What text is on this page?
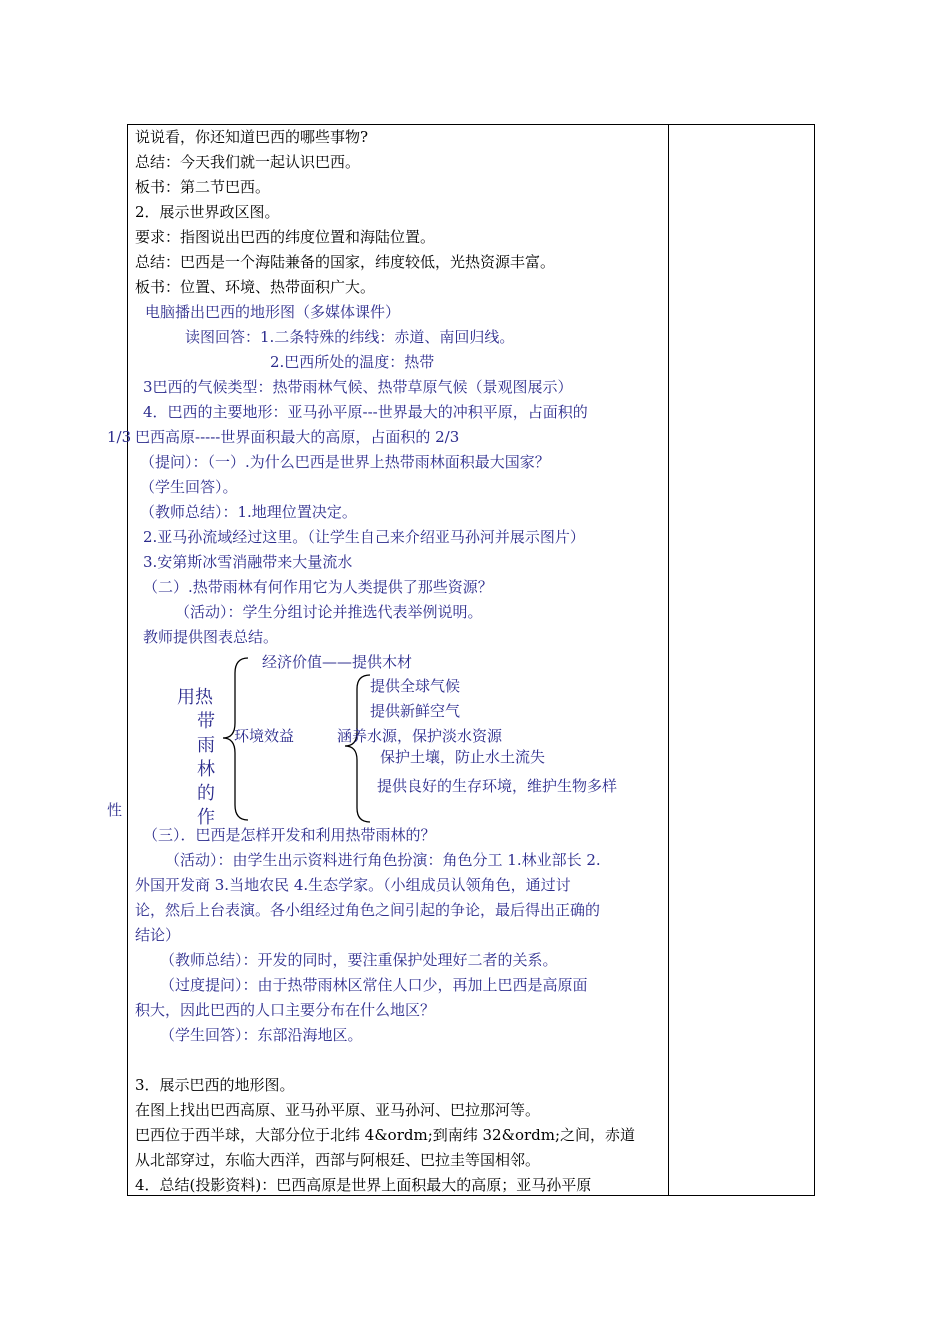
说说看，你还知道巴西的哪些事物?
总结：今天我们就一起认识巴西。
板书：第二节巴西。
2．展示世界政区图。
要求：指图说出巴西的纬度位置和海陆位置。
总结：巴西是一个海陆兼备的国家，纬度较低，光热资源丰富。
板书：位置、环境、热带面积广大。
电脑播出巴西的地形图（多媒体课件）
读图回答：1.二条特殊的纬线：赤道、南回归线。
2.巴西所处的温度：热带
3巴西的气候类型：热带雨林气候、热带草原气候（景观图展示）
4．巴西的主要地形：亚马孙平原---世界最大的冲积平原，占面积的
1/3 巴西高原-----世界面积最大的高原，占面积的 2/3
（提问）：（一）.为什么巴西是世界上热带雨林面积最大国家？
（学生回答）。
（教师总结）：1.地理位置决定。
2.亚马孙流域经过这里。（让学生自己来介绍亚马孙河并展示图片）
3.安第斯冰雪消融带来大量流水
（二）.热带雨林有何作用它为人类提供了那些资源？
（活动）：学生分组讨论并推选代表举例说明。
教师提供图表总结。
用热
带
雨
林
的
作
性
经济价值——提供木材
环境效益
提供全球气候
提供新鲜空气
涵养水源，保护淡水资源
保护土壤，防止水土流失
提供良好的生存环境，维护生物多样
（三）．巴西是怎样开发和利用热带雨林的？
（活动）：由学生出示资料进行角色扮演：角色分工 1.林业部长 2.
外国开发商 3.当地农民 4.生态学家。（小组成员认领角色，通过讨
论，然后上台表演。各小组经过角色之间引起的争论，最后得出正确的
结论）
（教师总结）：开发的同时，要注重保护处理好二者的关系。
（过度提问）：由于热带雨林区常住人口少，再加上巴西是高原面
积大，因此巴西的人口主要分布在什么地区？
（学生回答）：东部沿海地区。
3．展示巴西的地形图。
在图上找出巴西高原、亚马孙平原、亚马孙河、巴拉那河等。
巴西位于西半球，大部分位于北纬 4&ordm;到南纬 32&ordm;之间，赤道
从北部穿过，东临大西洋，西部与阿根廷、巴拉圭等国相邻。
4．总结(投影资料)：巴西高原是世界上面积最大的高原；亚马孙平原
